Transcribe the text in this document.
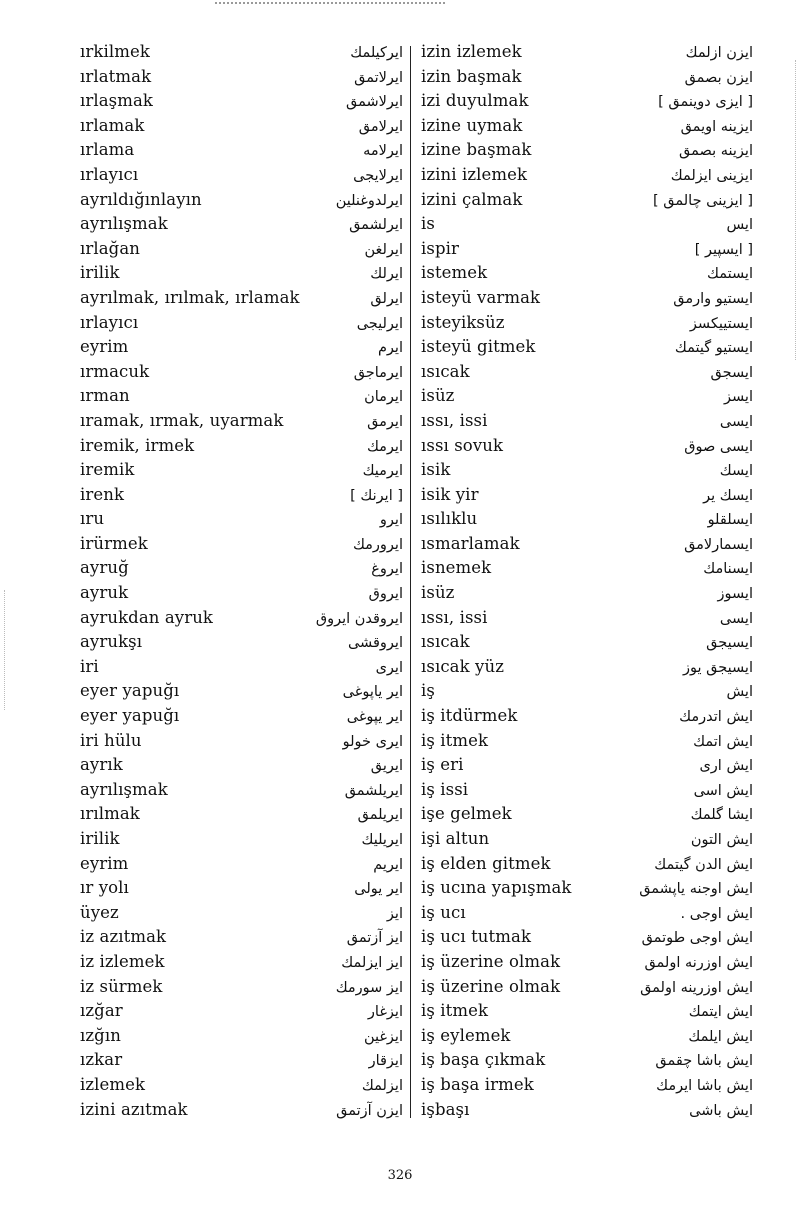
ırkilmek	ایرکیلمك
ırlatmak	ایرلاتمق
ırlaşmak	ایرلاشمق
ırlamak	ایرلامق
ırlama	ایرلامه
ırlayıcı	ایرلایجی
ayrıldığınlayın	ایرلدوغنلین
ayrılışmak	ایرلشمق
ırlağan	ایرلغن
irilik	ایرلك
ayrılmak, ırılmak, ırlamak	ایرلق
ırlayıcı	ایرلیجی
eyrim	ایرم
ırmacuk	ایرماجق
ırman	ایرمان
ıramak, ırmak, uyarmak	ایرمق
iremik, irmek	ایرمك
iremik	ایرمیك
irenk	[ ایرنك ]
ıru	ایرو
irürmek	ایرورمك
ayruğ	ایروغ
ayruk	ایروق
ayrukdan ayruk	ایروقدن ایروق
ayrukşı	ایروقشی
iri	ایری
eyer yapuğı	ایر یاپوغی
eyer yapuğı	ایر یپوغی
iri hülu	ایری خولو
ayrık	ایریق
ayrılışmak	ایریلشمق
ırılmak	ایریلمق
irilik	ایریلیك
eyrim	ایریم
ır yolı	ایر یولی
üyez	ایز
iz azıtmak	ایز آزتمق
iz izlemek	ایز ایزلمك
iz sürmek	ایز سورمك
ızğar	ایزغار
ızğın	ایزغین
ızkar	ایزقار
izlemek	ایزلمك
izini azıtmak	ایزن آزتمق
izin izlemek	ایزن ازلمك
izin başmak	ایزن بصمق
izi duyulmak	[ ایزی دوینمق ]
izine uymak	ایزینه اویمق
izine başmak	ایزینه بصمق
izini izlemek	ایزینی ایزلمك
izini çalmak	[ ایزینی چالمق ]
is	ایس
ispir	[ ایسپیر ]
istemek	ایستمك
isteyü varmak	ایستیو وارمق
isteyiksüz	ایستییکسز
isteyü gitmek	ایستیو گیتمك
ısıcak	ایسجق
isüz	ایسز
ıssı, issi	ایسی
ıssı sovuk	ایسی صوق
isik	ایسك
isik yir	ایسك یر
ısılıklu	ایسلقلو
ısmarlamak	ایسمارلامق
isnemek	ایسنامك
isüz	ایسوز
ıssı, issi	ایسی
ısıcak	ایسیجق
ısıcak yüz	ایسیجق یوز
iş	ایش
iş itdürmek	ایش اتدرمك
iş itmek	ایش اتمك
iş eri	ایش اری
iş issi	ایش اسی
işe gelmek	ایشا گلمك
işi altun	ایش التون
iş elden gitmek	ایش الدن گیتمك
iş ucına yapışmak	ایش اوجنه یاپشمق
iş ucı	ایش اوجی .
iş ucı tutmak	ایش اوجی طوتمق
iş üzerine olmak	ایش اوزرنه اولمق
iş üzerine olmak	ایش اوزرینه اولمق
iş itmek	ایش ایتمك
iş eylemek	ایش ایلمك
iş başa çıkmak	ایش باشا چقمق
iş başa irmek	ایش باشا ایرمك
işbaşı	ایش باشی
326
